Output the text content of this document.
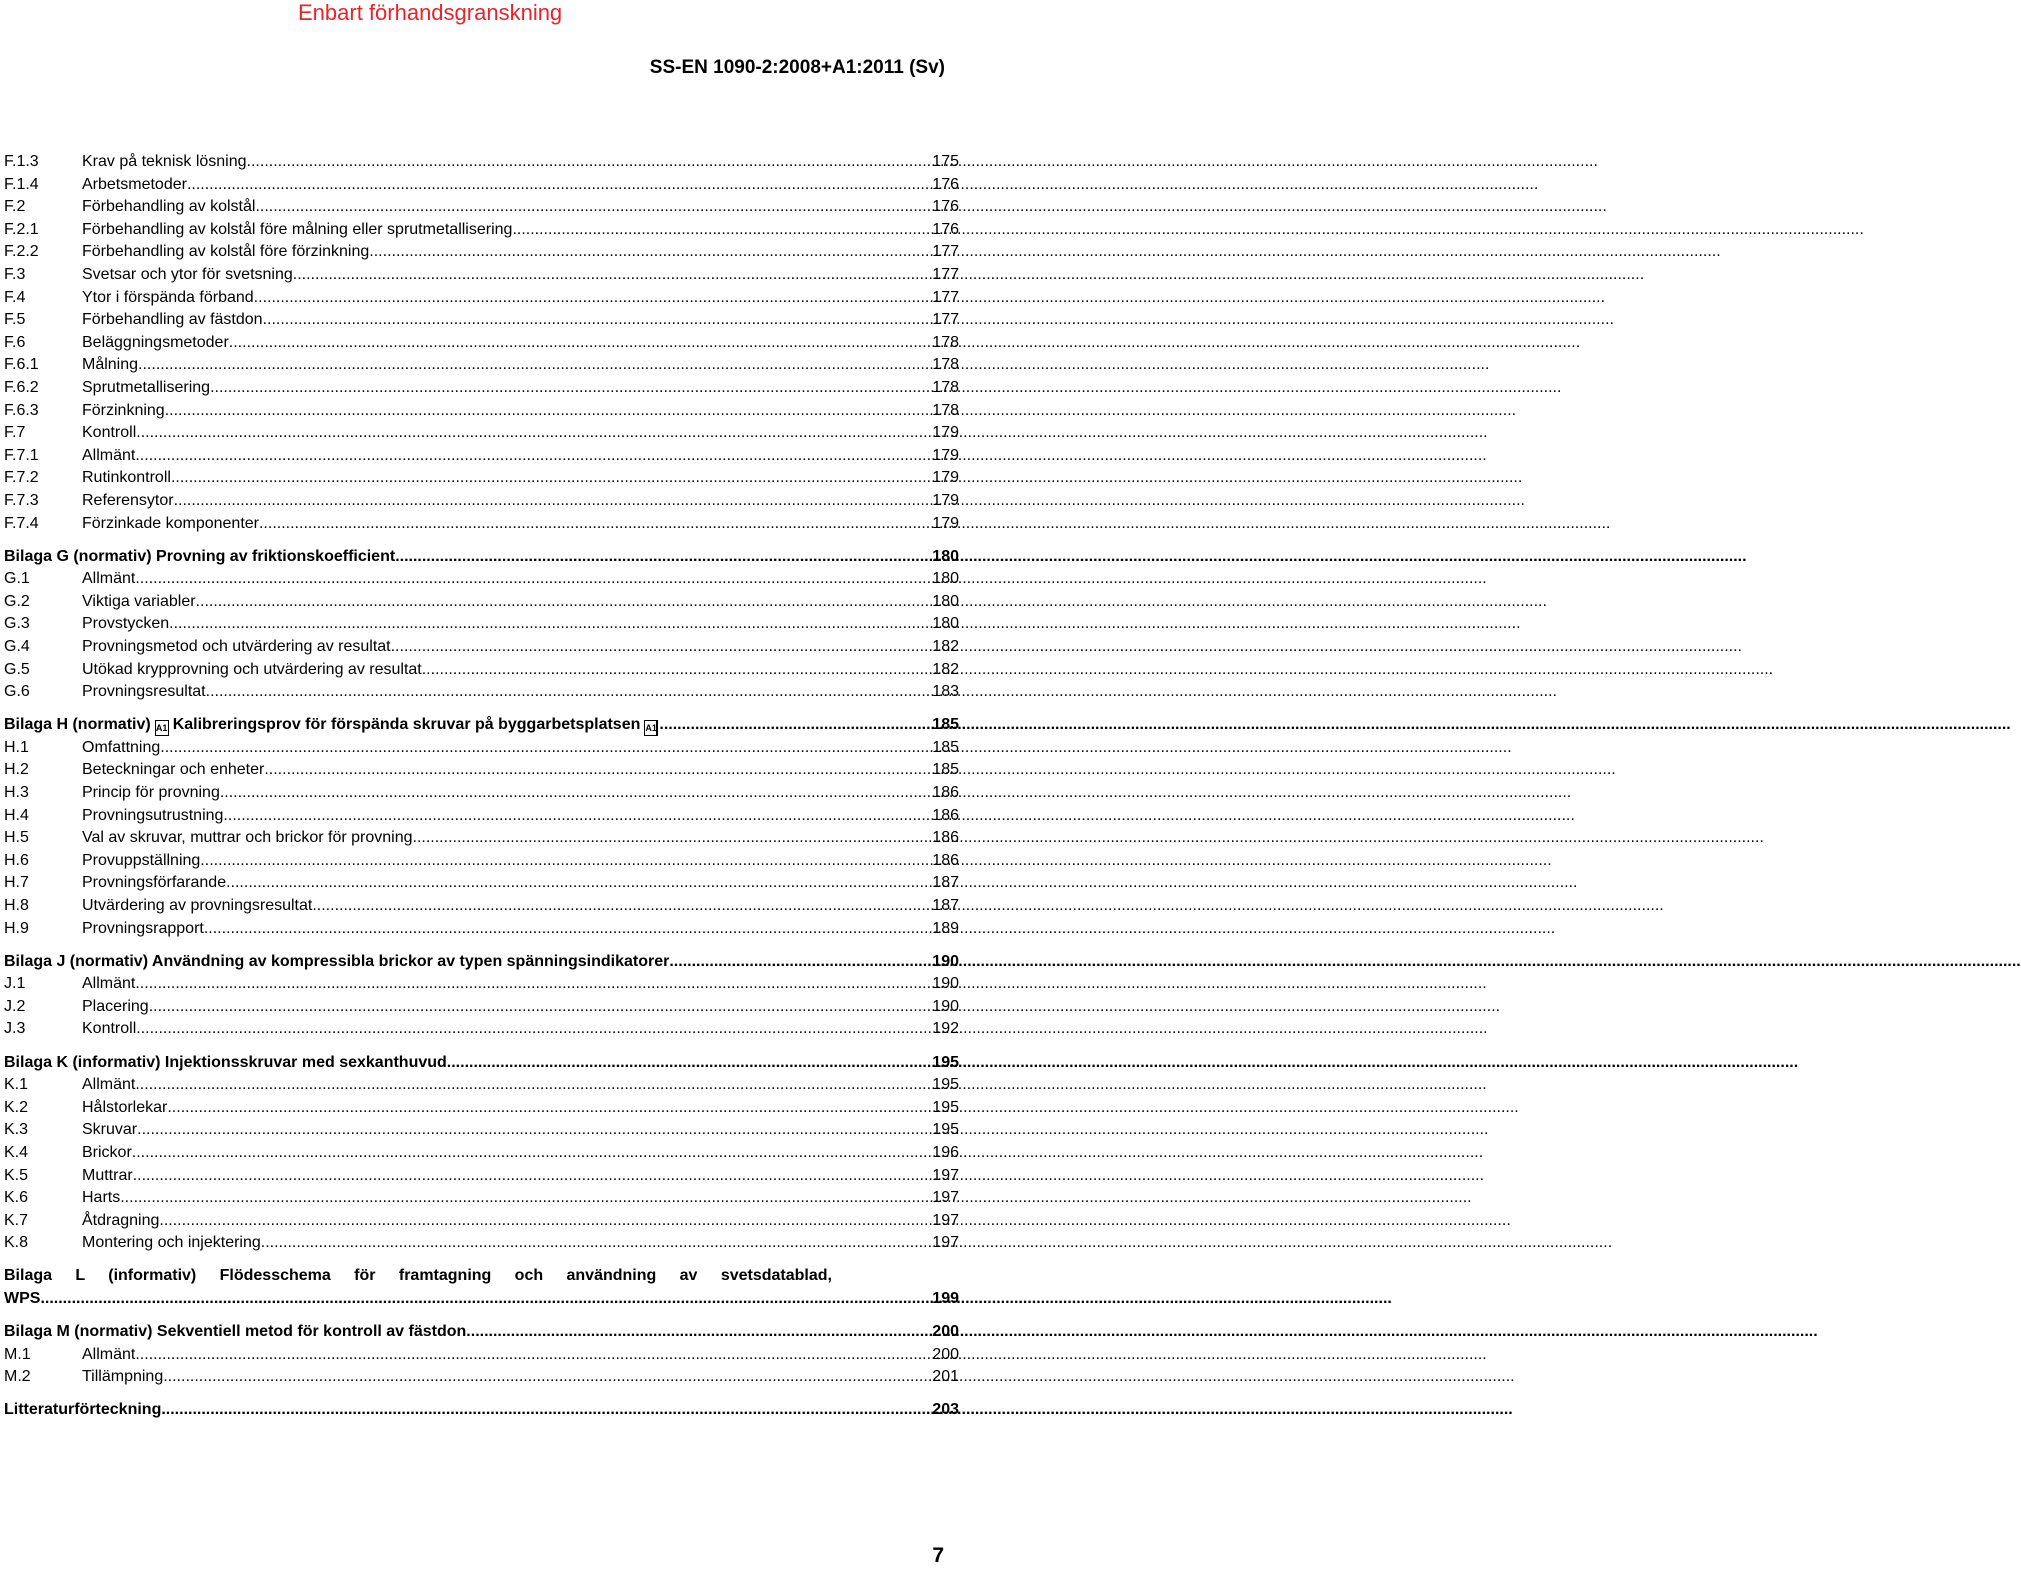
Enbart förhandsgranskning
SS-EN 1090-2:2008+A1:2011 (Sv)
F.1.3	Krav på teknisk lösning .....	175
F.1.4	Arbetsmetoder .....	176
F.2	Förbehandling av kolstål .....	176
F.2.1	Förbehandling av kolstål före målning eller sprutmetallisering .....	176
F.2.2	Förbehandling av kolstål före förzinkning .....	177
F.3	Svetsar och ytor för svetsning .....	177
F.4	Ytor i förspända förband .....	177
F.5	Förbehandling av fästdon .....	177
F.6	Beläggningsmetoder .....	178
F.6.1	Målning .....	178
F.6.2	Sprutmetallisering .....	178
F.6.3	Förzinkning .....	178
F.7	Kontroll .....	179
F.7.1	Allmänt .....	179
F.7.2	Rutinkontroll .....	179
F.7.3	Referensytor .....	179
F.7.4	Förzinkade komponenter .....	179
Bilaga G (normativ) Provning av friktionskoefficient .....	180
G.1	Allmänt .....	180
G.2	Viktiga variabler .....	180
G.3	Provstycken .....	180
G.4	Provningsmetod och utvärdering av resultat .....	182
G.5	Utökad krypprovning och utvärdering av resultat .....	182
G.6	Provningsresultat .....	183
Bilaga H (normativ) A1 Kalibreringsprov för förspända skruvar på byggarbetsplatsen A1 .....	185
H.1	Omfattning .....	185
H.2	Beteckningar och enheter .....	185
H.3	Princip för provning .....	186
H.4	Provningsutrustning .....	186
H.5	Val av skruvar, muttrar och brickor för provning .....	186
H.6	Provuppställning .....	186
H.7	Provningsförfarande .....	187
H.8	Utvärdering av provningsresultat .....	187
H.9	Provningsrapport .....	189
Bilaga J (normativ) Användning av kompressibla brickor av typen spänningsindikatorer .....	190
J.1	Allmänt .....	190
J.2	Placering .....	190
J.3	Kontroll .....	192
Bilaga K (informativ) Injektionsskruvar med sexkanthuvud .....	195
K.1	Allmänt .....	195
K.2	Hålstorlekar .....	195
K.3	Skruvar .....	195
K.4	Brickor .....	196
K.5	Muttrar .....	197
K.6	Harts .....	197
K.7	Åtdragning .....	197
K.8	Montering och injektering .....	197
Bilaga L (informativ) Flödesschema för framtagning och användning av svetsdatablad,
WPS .....	199
Bilaga M (normativ) Sekventiell metod för kontroll av fästdon .....	200
M.1	Allmänt .....	200
M.2	Tillämpning .....	201
Litteraturförteckning .....	203
7
